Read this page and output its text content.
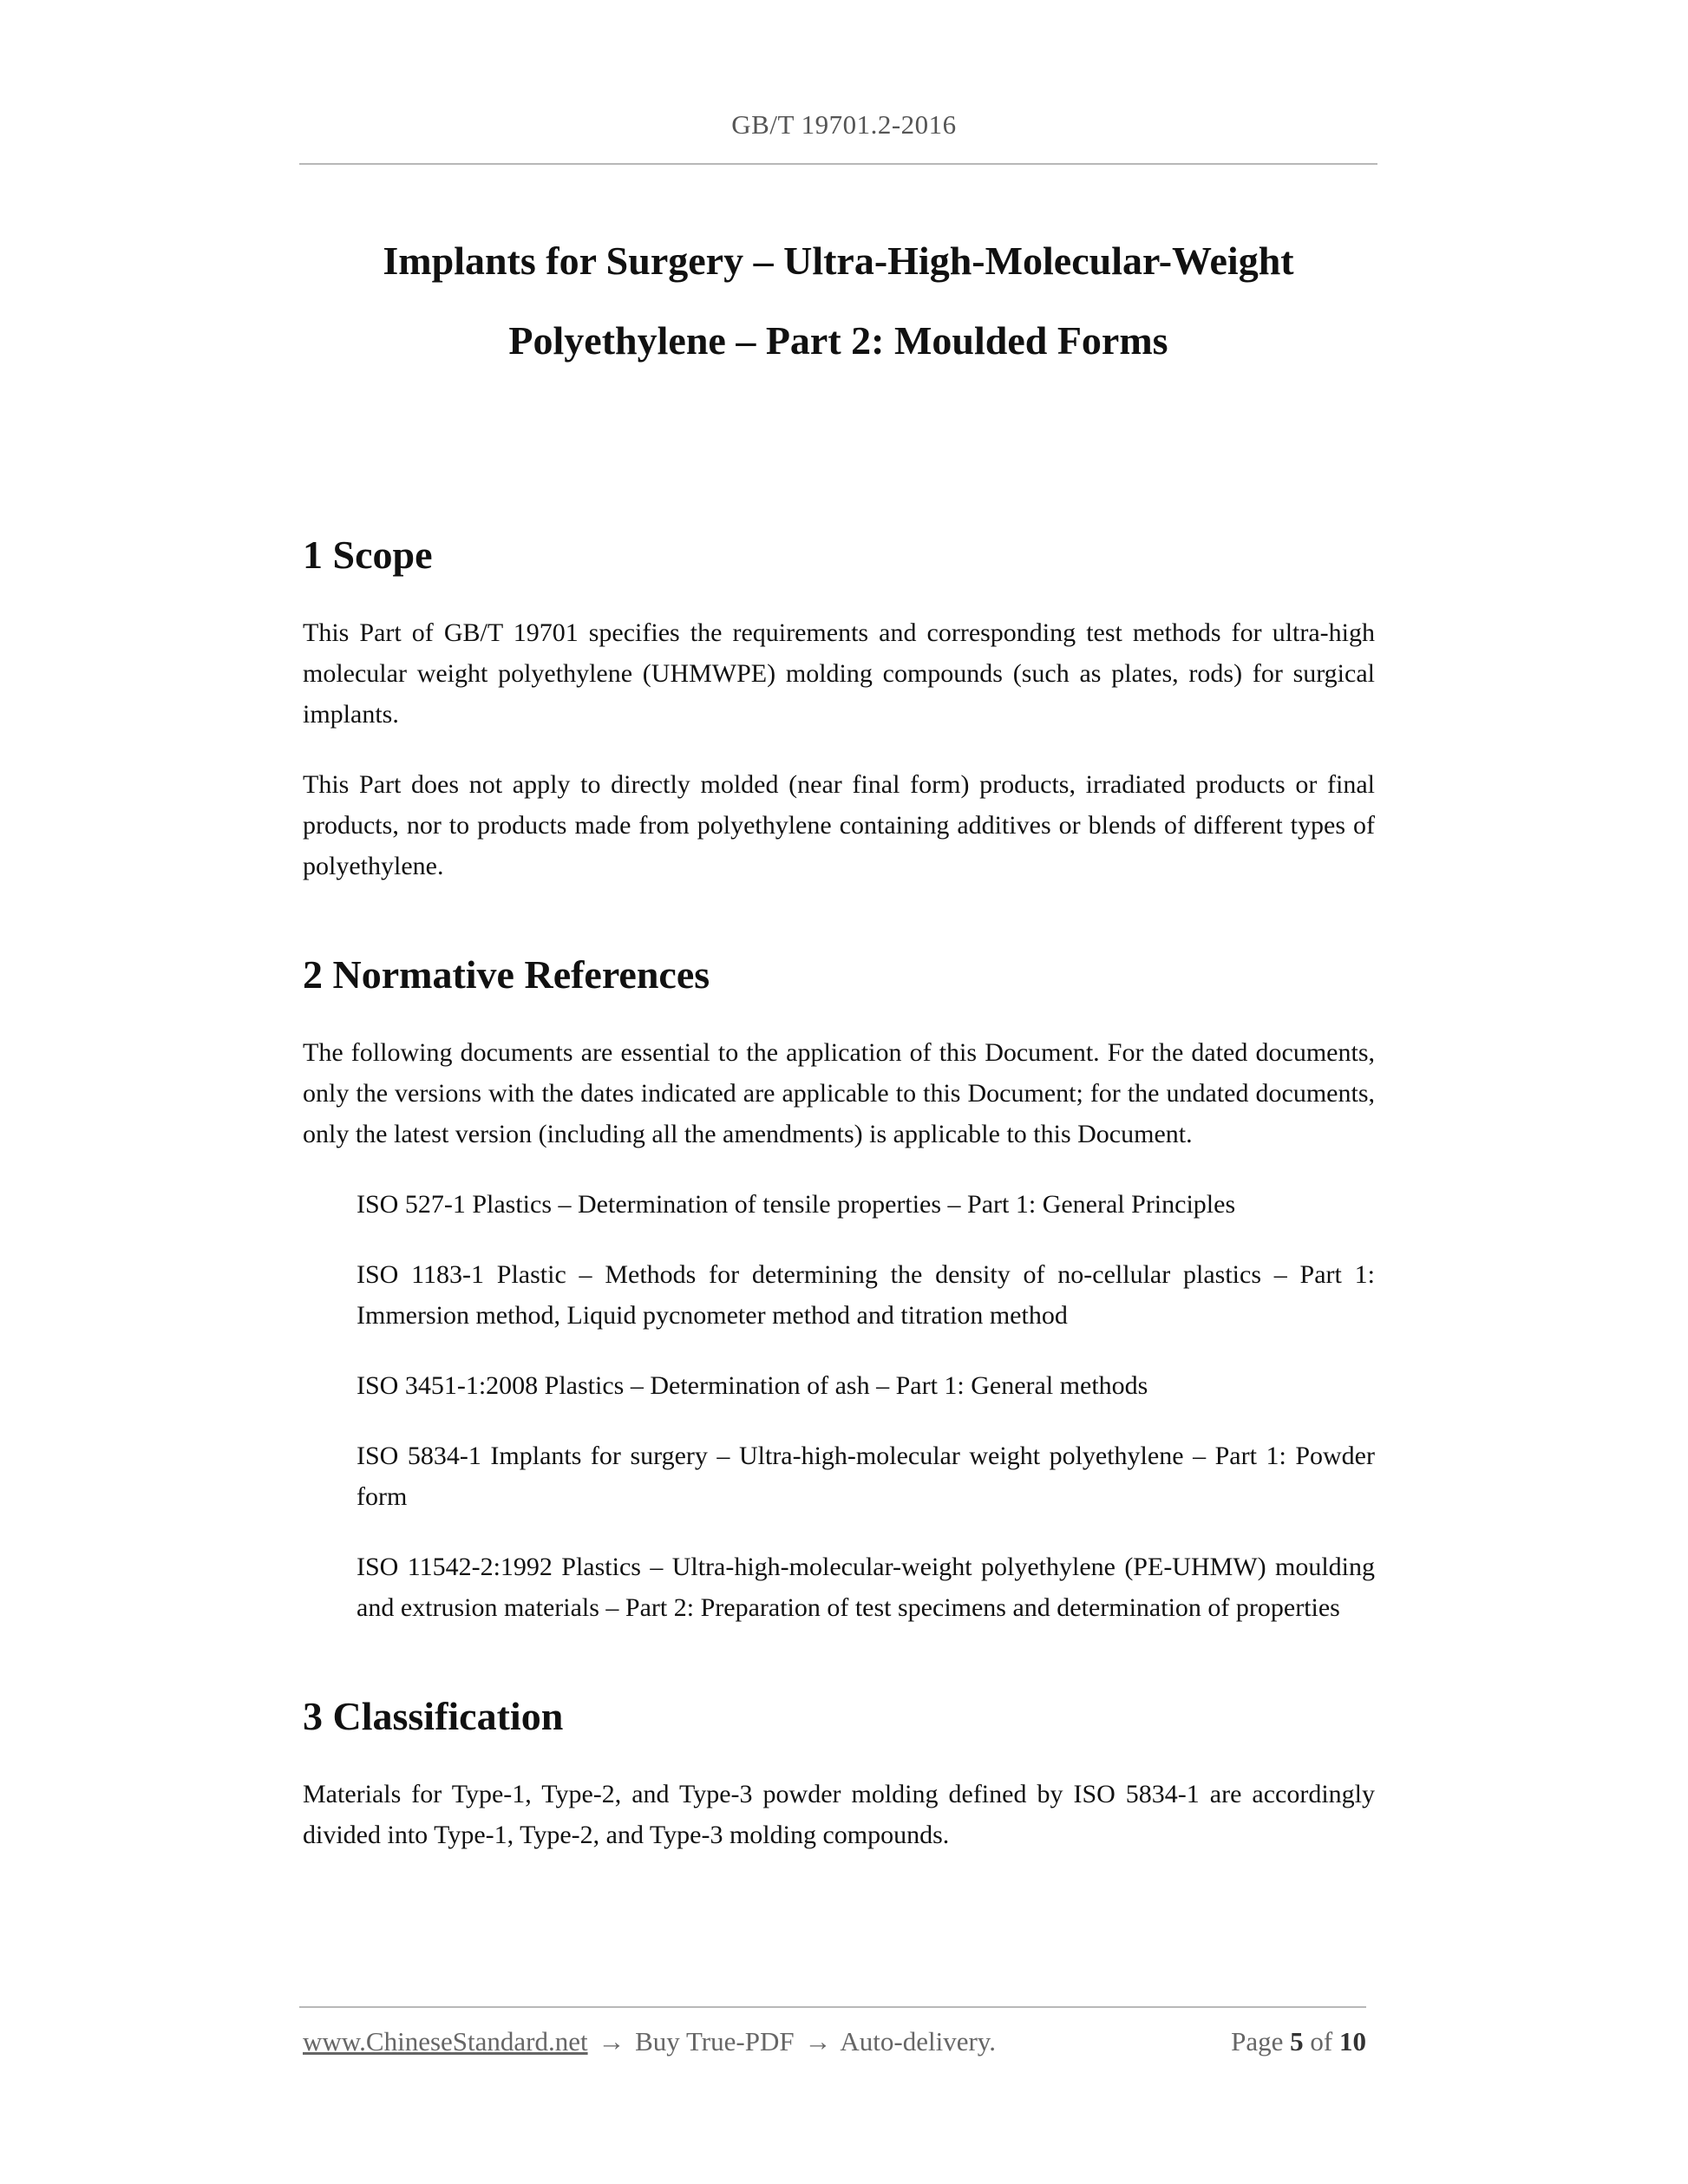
GB/T 19701.2-2016
Implants for Surgery – Ultra-High-Molecular-Weight
Polyethylene – Part 2: Moulded Forms
1 Scope

This Part of GB/T 19701 specifies the requirements and corresponding test methods for ultra-high molecular weight polyethylene (UHMWPE) molding compounds (such as plates, rods) for surgical implants.

This Part does not apply to directly molded (near final form) products, irradiated products or final products, nor to products made from polyethylene containing additives or blends of different types of polyethylene.

2 Normative References

The following documents are essential to the application of this Document. For the dated documents, only the versions with the dates indicated are applicable to this Document; for the undated documents, only the latest version (including all the amendments) is applicable to this Document.

ISO 527-1 Plastics – Determination of tensile properties – Part 1: General Principles
ISO 1183-1 Plastic – Methods for determining the density of no-cellular plastics – Part 1: Immersion method, Liquid pycnometer method and titration method
ISO 3451-1:2008 Plastics – Determination of ash – Part 1: General methods
ISO 5834-1 Implants for surgery – Ultra-high-molecular weight polyethylene – Part 1: Powder form
ISO 11542-2:1992 Plastics – Ultra-high-molecular-weight polyethylene (PE-UHMW) moulding and extrusion materials – Part 2: Preparation of test specimens and determination of properties
3 Classification

Materials for Type-1, Type-2, and Type-3 powder molding defined by ISO 5834-1 are accordingly divided into Type-1, Type-2, and Type-3 molding compounds.

www.ChineseStandard.net → Buy True-PDF → Auto-delivery.	Page 5 of 10
